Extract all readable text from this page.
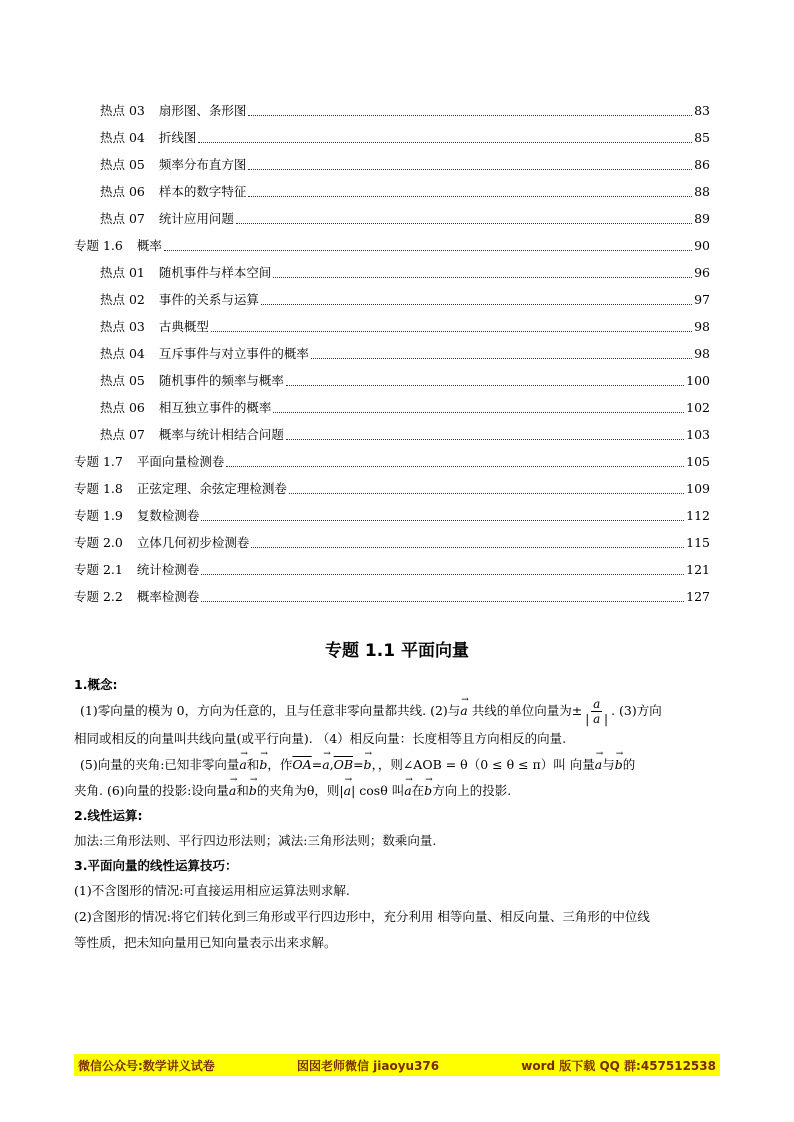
热点 03 扇形图、条形图	83
热点 04 折线图	85
热点 05 频率分布直方图	86
热点 06 样本的数字特征	88
热点 07 统计应用问题	89
专题 1.6 概率	90
热点 01 随机事件与样本空间	96
热点 02 事件的关系与运算	97
热点 03 古典概型	98
热点 04 互斥事件与对立事件的概率	98
热点 05 随机事件的频率与概率	100
热点 06 相互独立事件的概率	102
热点 07 概率与统计相结合问题	103
专题 1.7 平面向量检测卷	105
专题 1.8 正弦定理、余弦定理检测卷	109
专题 1.9 复数检测卷	112
专题 2.0 立体几何初步检测卷	115
专题 2.1 统计检测卷	121
专题 2.2 概率检测卷	127
专题 1.1 平面向量

1.概念:

(1)零向量的模为 0，方向为任意的，且与任意非零向量都共线. (2)与→ a 共线的单位向量为± $\frac{a}{| a |}$ . (3)方向

相同或相反的向量叫共线向量(或平行向量). （4）相反向量：长度相等且方向相反的向量.

(5)向量的夹角:已知非零向量→ a和→ b，作$\overline{OA}=\to a,\overline{OB}=\to b$，，则∠AOB = θ（0 ≤ θ ≤ π）叫 向量→ a与→ b的

夹角. (6)向量的投影:设向量→ a和→ b的夹角为θ，则|→ a| cosθ 叫→ a在→ b方向上的投影.

2.线性运算:

加法:三角形法则、平行四边形法则；减法:三角形法则；数乘向量.

3.平面向量的线性运算技巧：

(1)不含图形的情况:可直接运用相应运算法则求解.

(2)含图形的情况:将它们转化到三角形或平行四边形中，充分利用 相等向量、相反向量、三角形的中位线

等性质，把未知向量用已知向量表示出来求解。

微信公众号:数学讲义试卷	囡囡老师微信 jiaoyu376	word 版下载 QQ 群:457512538
